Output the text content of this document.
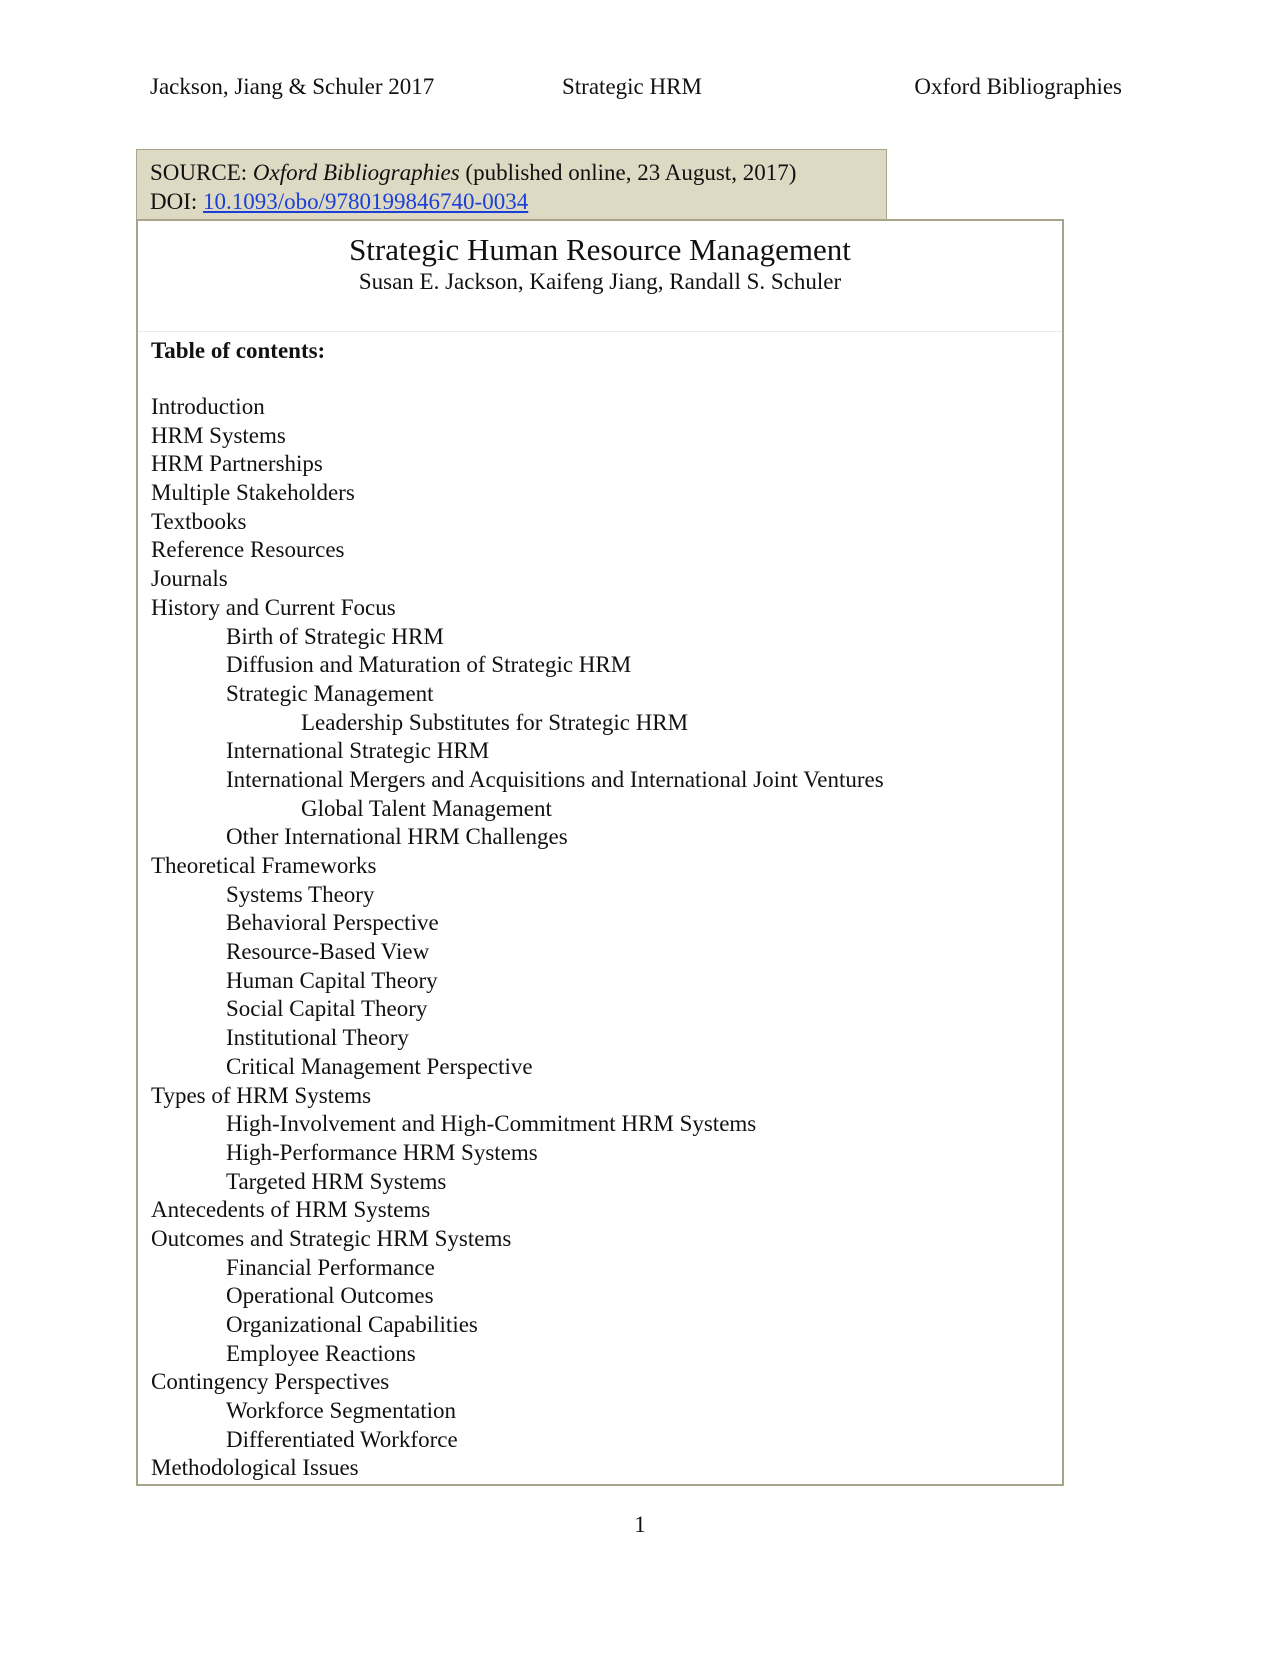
Jackson, Jiang & Schuler 2017	Strategic HRM	Oxford Bibliographies
SOURCE: Oxford Bibliographies (published online, 23 August, 2017)
DOI: 10.1093/obo/9780199846740-0034
Strategic Human Resource Management
Susan E. Jackson, Kaifeng Jiang, Randall S. Schuler
Table of contents:
Introduction
HRM Systems
HRM Partnerships
Multiple Stakeholders
Textbooks
Reference Resources
Journals
History and Current Focus
Birth of Strategic HRM
Diffusion and Maturation of Strategic HRM
Strategic Management
Leadership Substitutes for Strategic HRM
International Strategic HRM
International Mergers and Acquisitions and International Joint Ventures
Global Talent Management
Other International HRM Challenges
Theoretical Frameworks
Systems Theory
Behavioral Perspective
Resource-Based View
Human Capital Theory
Social Capital Theory
Institutional Theory
Critical Management Perspective
Types of HRM Systems
High-Involvement and High-Commitment HRM Systems
High-Performance HRM Systems
Targeted HRM Systems
Antecedents of HRM Systems
Outcomes and Strategic HRM Systems
Financial Performance
Operational Outcomes
Organizational Capabilities
Employee Reactions
Contingency Perspectives
Workforce Segmentation
Differentiated Workforce
Methodological Issues
1
